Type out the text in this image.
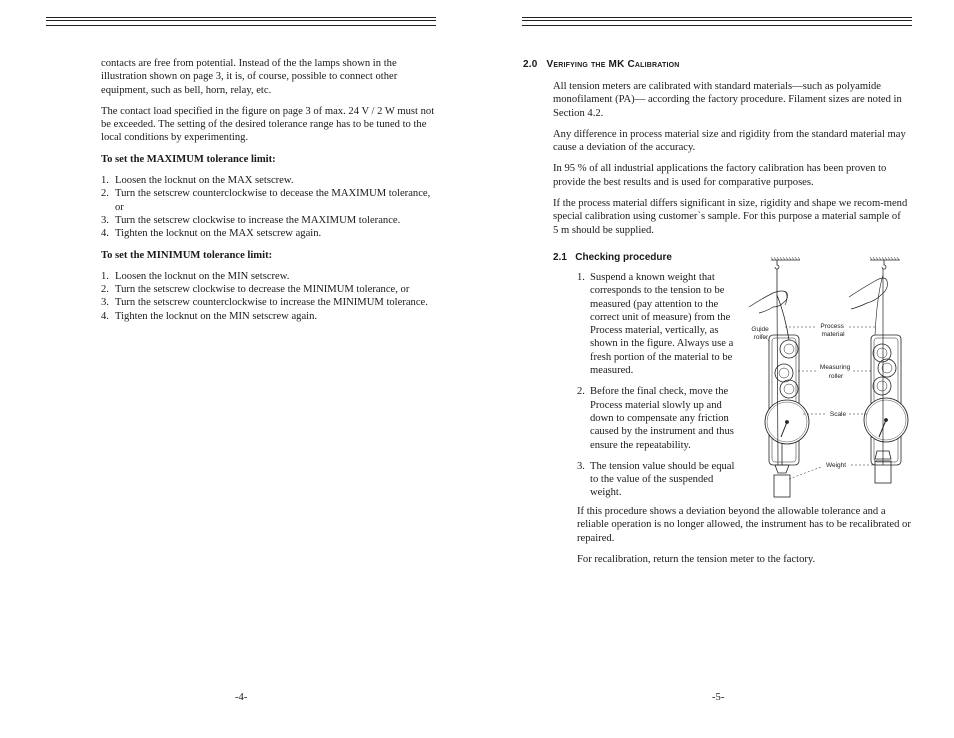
contacts are free from potential. Instead of the the lamps shown in the illustration shown on page 3, it is, of course, possible to connect other equipment, such as bell, horn, relay, etc.

The contact load specified in the figure on page 3 of max. 24 V / 2 W must not be exceeded. The setting of the desired tolerance range has to be tuned to the local conditions by experimenting.

To set the MAXIMUM tolerance limit:

1. Loosen the locknut on the MAX setscrew.
2. Turn the setscrew counterclockwise to decease the MAXIMUM tolerance, or
3. Turn the setscrew clockwise to increase the MAXIMUM tolerance.
4. Tighten the locknut on the MAX setscrew again.

To set the MINIMUM tolerance limit:

1. Loosen the locknut on the MIN setscrew.
2. Turn the setscrew clockwise to decrease the MINIMUM tolerance, or
3. Turn the setscrew counterclockwise to increase the MINIMUM tolerance.
4. Tighten the locknut on the MIN setscrew again.
-4-
2.0 Verifying the MK Calibration

All tension meters are calibrated with standard materials—such as polyamide monofilament (PA)— according the factory procedure. Filament sizes are noted in Section 4.2.

Any difference in process material size and rigidity from the standard material may cause a deviation of the accuracy.

In 95 % of all industrial applications the factory calibration has been proven to provide the best results and is used for comparative purposes.

If the process material differs significant in size, rigidity and shape we recom-mend special calibration using customer`s sample. For this purpose a material sample of 5 m should be supplied.

2.1   Checking procedure
1. Suspend a known weight that corresponds to the tension to be measured (pay attention to the correct unit of measure) from the Process material, vertically, as shown in the figure. Always use a fresh portion of the material to be measured.
2. Before the final check, move the Process material slowly up and down to compensate any friction caused by the instrument and thus ensure the repeatability.
3. The tension value should be equal to the value of the suspended weight.

If this procedure shows a deviation beyond the allowable tolerance and a reliable operation is no longer allowed, the instrument has to be recalibrated or repaired.

For recalibration, return the tension meter to the factory.

Guide roller
Process material
Measuring roller
Scale
Weight
-5-
